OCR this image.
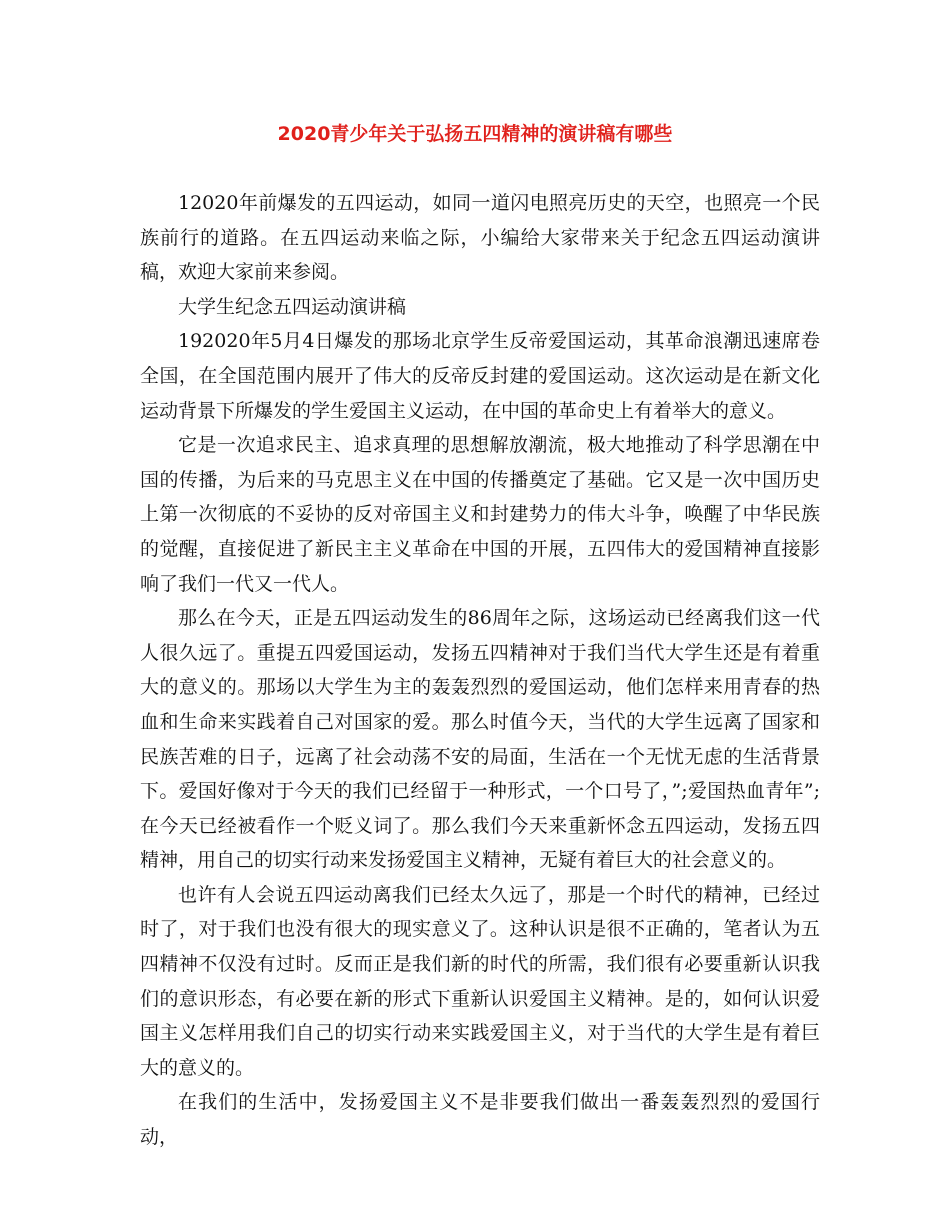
2020青少年关于弘扬五四精神的演讲稿有哪些

12020年前爆发的五四运动，如同一道闪电照亮历史的天空，也照亮一个民族前行的道路。在五四运动来临之际，小编给大家带来关于纪念五四运动演讲稿，欢迎大家前来参阅。

大学生纪念五四运动演讲稿

192020年5月4日爆发的那场北京学生反帝爱国运动，其革命浪潮迅速席卷全国，在全国范围内展开了伟大的反帝反封建的爱国运动。这次运动是在新文化运动背景下所爆发的学生爱国主义运动，在中国的革命史上有着举大的意义。

它是一次追求民主、追求真理的思想解放潮流，极大地推动了科学思潮在中国的传播，为后来的马克思主义在中国的传播奠定了基础。它又是一次中国历史上第一次彻底的不妥协的反对帝国主义和封建势力的伟大斗争，唤醒了中华民族的觉醒，直接促进了新民主主义革命在中国的开展，五四伟大的爱国精神直接影响了我们一代又一代人。

那么在今天，正是五四运动发生的86周年之际，这场运动已经离我们这一代人很久远了。重提五四爱国运动，发扬五四精神对于我们当代大学生还是有着重大的意义的。那场以大学生为主的轰轰烈烈的爱国运动，他们怎样来用青春的热血和生命来实践着自己对国家的爱。那么时值今天，当代的大学生远离了国家和民族苦难的日子，远离了社会动荡不安的局面，生活在一个无忧无虑的生活背景下。爱国好像对于今天的我们已经留于一种形式，一个口号了，”;爱国热血青年”;在今天已经被看作一个贬义词了。那么我们今天来重新怀念五四运动，发扬五四精神，用自己的切实行动来发扬爱国主义精神，无疑有着巨大的社会意义的。

也许有人会说五四运动离我们已经太久远了，那是一个时代的精神，已经过时了，对于我们也没有很大的现实意义了。这种认识是很不正确的，笔者认为五四精神不仅没有过时。反而正是我们新的时代的所需，我们很有必要重新认识我们的意识形态，有必要在新的形式下重新认识爱国主义精神。是的，如何认识爱国主义怎样用我们自己的切实行动来实践爱国主义，对于当代的大学生是有着巨大的意义的。

在我们的生活中，发扬爱国主义不是非要我们做出一番轰轰烈烈的爱国行动，
